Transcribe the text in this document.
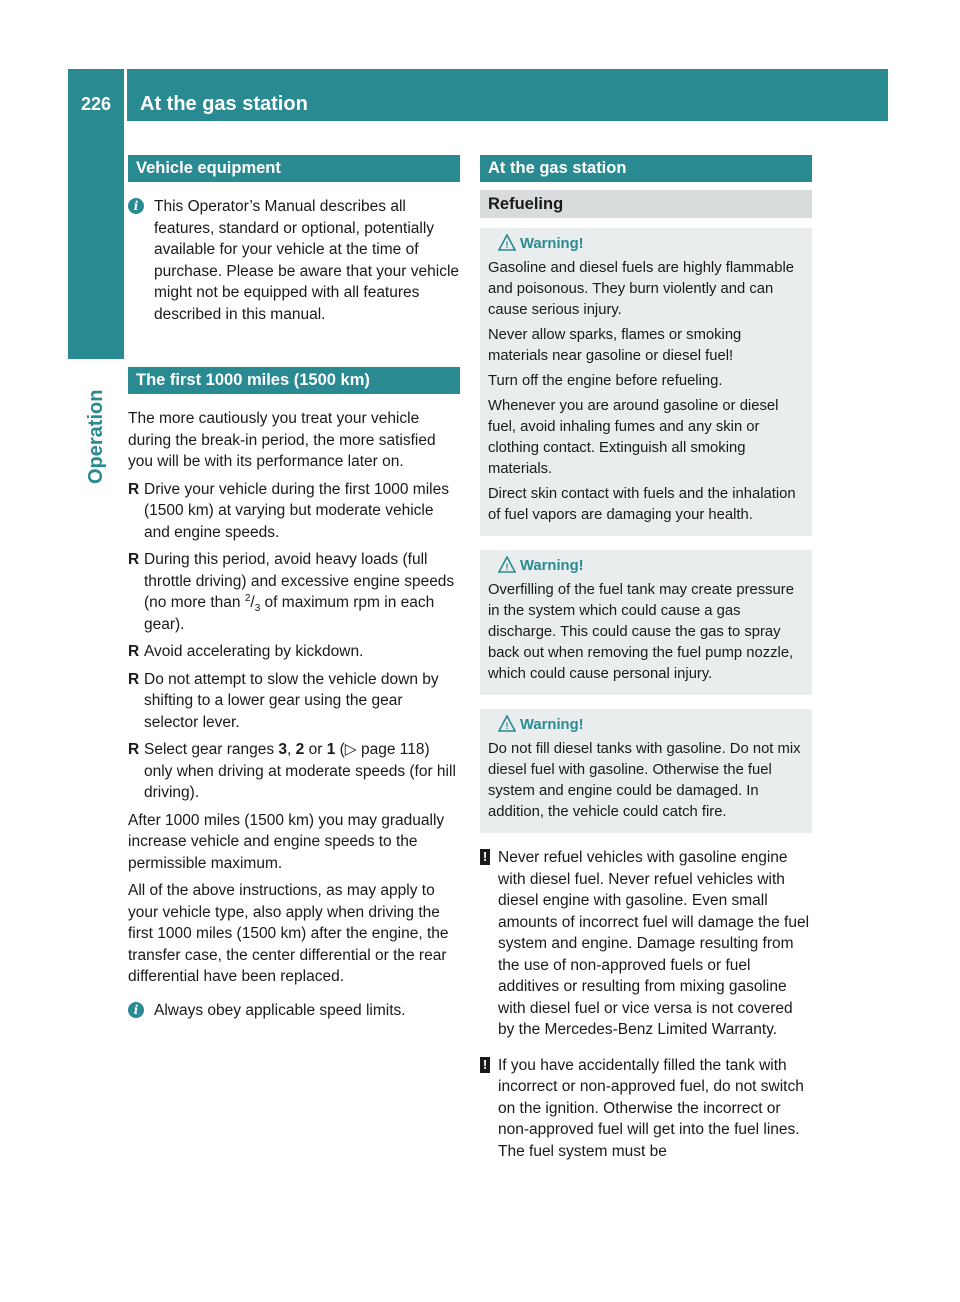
226	At the gas station
Operation
Vehicle equipment
i	This Operator’s Manual describes all features, standard or optional, potentially available for your vehicle at the time of purchase. Please be aware that your vehicle might not be equipped with all features described in this manual.
The first 1000 miles (1500 km)

The more cautiously you treat your vehicle during the break-in period, the more satisfied you will be with its performance later on.

R Drive your vehicle during the first 1000 miles (1500 km) at varying but moderate vehicle and engine speeds.
R During this period, avoid heavy loads (full throttle driving) and excessive engine speeds (no more than $^2/_3$ of maximum rpm in each gear).
R Avoid accelerating by kickdown.
R Do not attempt to slow the vehicle down by shifting to a lower gear using the gear selector lever.
R Select gear ranges 3, 2 or 1 (▷ page 118) only when driving at moderate speeds (for hill driving).

After 1000 miles (1500 km) you may gradually increase vehicle and engine speeds to the permissible maximum.

All of the above instructions, as may apply to your vehicle type, also apply when driving the first 1000 miles (1500 km) after the engine, the transfer case, the center differential or the rear differential have been replaced.

i	Always obey applicable speed limits.
At the gas station
Refueling
! Warning!

Gasoline and diesel fuels are highly flammable and poisonous. They burn violently and can cause serious injury.

Never allow sparks, flames or smoking materials near gasoline or diesel fuel!

Turn off the engine before refueling.

Whenever you are around gasoline or diesel fuel, avoid inhaling fumes and any skin or clothing contact. Extinguish all smoking materials.

Direct skin contact with fuels and the inhalation of fuel vapors are damaging your health.

! Warning!

Overfilling of the fuel tank may create pressure in the system which could cause a gas discharge. This could cause the gas to spray back out when removing the fuel pump nozzle, which could cause personal injury.

! Warning!

Do not fill diesel tanks with gasoline. Do not mix diesel fuel with gasoline. Otherwise the fuel system and engine could be damaged. In addition, the vehicle could catch fire.

! Never refuel vehicles with gasoline engine with diesel fuel. Never refuel vehicles with diesel engine with gasoline. Even small amounts of incorrect fuel will damage the fuel system and engine. Damage resulting from the use of non-approved fuels or fuel additives or resulting from mixing gasoline with diesel fuel or vice versa is not covered by the Mercedes-Benz Limited Warranty.
! If you have accidentally filled the tank with incorrect or non-approved fuel, do not switch on the ignition. Otherwise the incorrect or non-approved fuel will get into the fuel lines. The fuel system must be
